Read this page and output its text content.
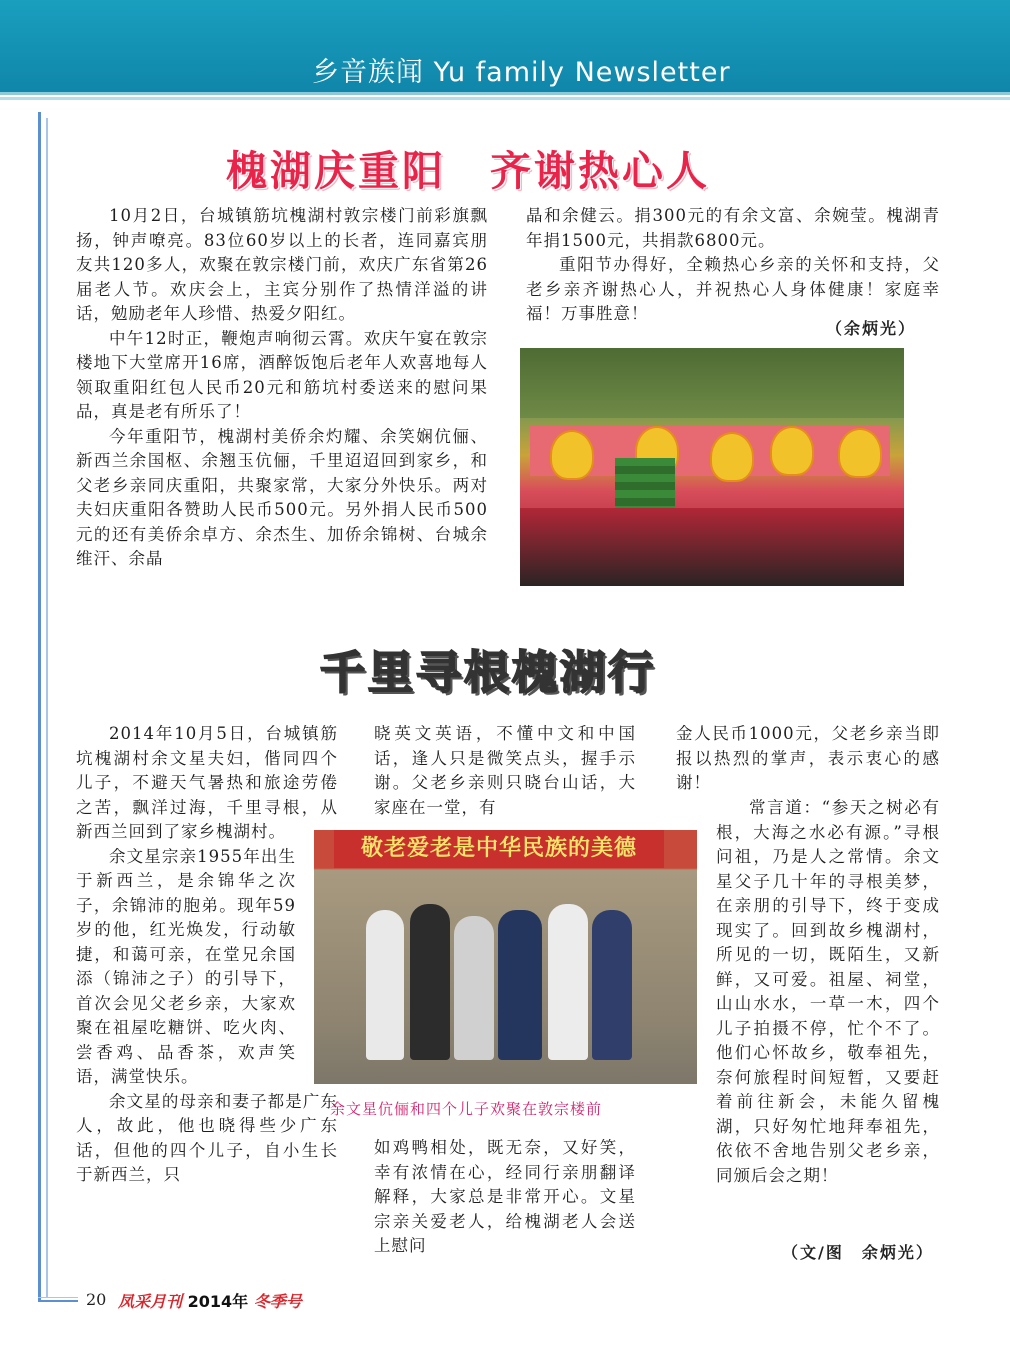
乡音族闻 Yu family Newsletter
槐湖庆重阳　齐谢热心人

10月2日，台城镇筋坑槐湖村敦宗楼门前彩旗飘扬，钟声嘹亮。83位60岁以上的长者，连同嘉宾朋友共120多人，欢聚在敦宗楼门前，欢庆广东省第26届老人节。欢庆会上，主宾分别作了热情洋溢的讲话，勉励老年人珍惜、热爱夕阳红。

中午12时正，鞭炮声响彻云霄。欢庆午宴在敦宗楼地下大堂席开16席，酒醉饭饱后老年人欢喜地每人领取重阳红包人民币20元和筋坑村委送来的慰问果品，真是老有所乐了！

今年重阳节，槐湖村美侨余灼耀、余笑娴伉俪、新西兰余国枢、余翘玉伉俪，千里迢迢回到家乡，和父老乡亲同庆重阳，共聚家常，大家分外快乐。两对夫妇庆重阳各赞助人民币500元。另外捐人民币500元的还有美侨余卓方、余杰生、加侨余锦树、台城余维汗、余晶

晶和余健云。捐300元的有余文富、余婉莹。槐湖青年捐1500元，共捐款6800元。

重阳节办得好，全赖热心乡亲的关怀和支持，父老乡亲齐谢热心人，并祝热心人身体健康！家庭幸福！万事胜意！

（余炳光）
千里寻根槐湖行

2014年10月5日，台城镇筋坑槐湖村余文星夫妇，偕同四个儿子，不避天气暑热和旅途劳倦之苦，飘洋过海，千里寻根，从新西兰回到了家乡槐湖村。

余文星宗亲1955年出生于新西兰，是余锦华之次子，余锦沛的胞弟。现年59岁的他，红光焕发，行动敏捷，和蔼可亲，在堂兄余国添（锦沛之子）的引导下，首次会见父老乡亲，大家欢聚在祖屋吃糖饼、吃火肉、尝香鸡、品香茶，欢声笑语，满堂快乐。

余文星的母亲和妻子都是广东人，故此，他也晓得些少广东话，但他的四个儿子，自小生长于新西兰，只

晓英文英语，不懂中文和中国话，逢人只是微笑点头，握手示谢。父老乡亲则只晓台山话，大家座在一堂，有

如鸡鸭相处，既无奈，又好笑，幸有浓情在心，经同行亲朋翻译解释，大家总是非常开心。文星宗亲关爱老人，给槐湖老人会送上慰问

金人民币1000元，父老乡亲当即报以热烈的掌声，表示衷心的感谢！

常言道：“参天之树必有根，大海之水必有源。”寻根问祖，乃是人之常情。余文星父子几十年的寻根美梦，在亲朋的引导下，终于变成现实了。回到故乡槐湖村，所见的一切，既陌生，又新鲜，又可爱。祖屋、祠堂，山山水水，一草一木，四个儿子拍摄不停，忙个不了。他们心怀故乡，敬奉祖先，奈何旅程时间短暂，又要赶着前往新会，未能久留槐湖，只好匆忙地拜奉祖先，依依不舍地告别父老乡亲，同颁后会之期！

（文/图　余炳光）
敬老爱老是中华民族的美德
余文星伉俪和四个儿子欢聚在敦宗楼前
20 凤采月刊 2014年 冬季号
